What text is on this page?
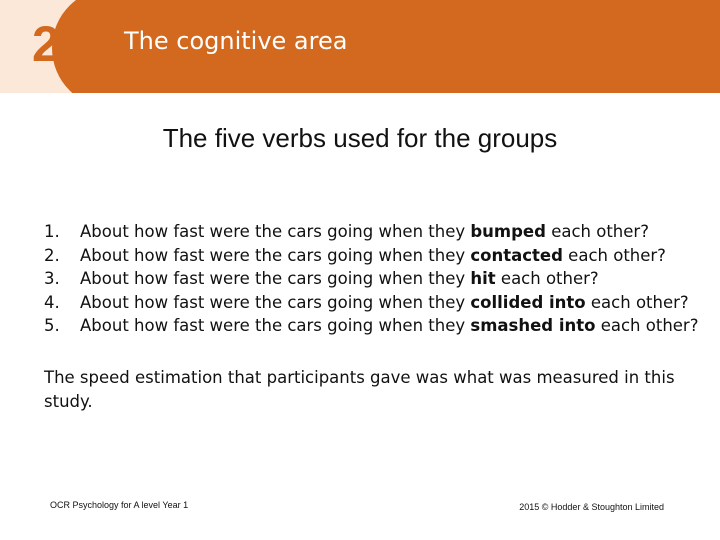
2	The cognitive area
The five verbs used for the groups
1.	About how fast were the cars going when they bumped each other?
2.	About how fast were the cars going when they contacted each other?
3.	About how fast were the cars going when they hit each other?
4.	About how fast were the cars going when they collided into each other?
5.	About how fast were the cars going when they smashed into each other?

The speed estimation that participants gave was what was measured in this study.

OCR Psychology for A level Year 1	2015 © Hodder & Stoughton Limited
